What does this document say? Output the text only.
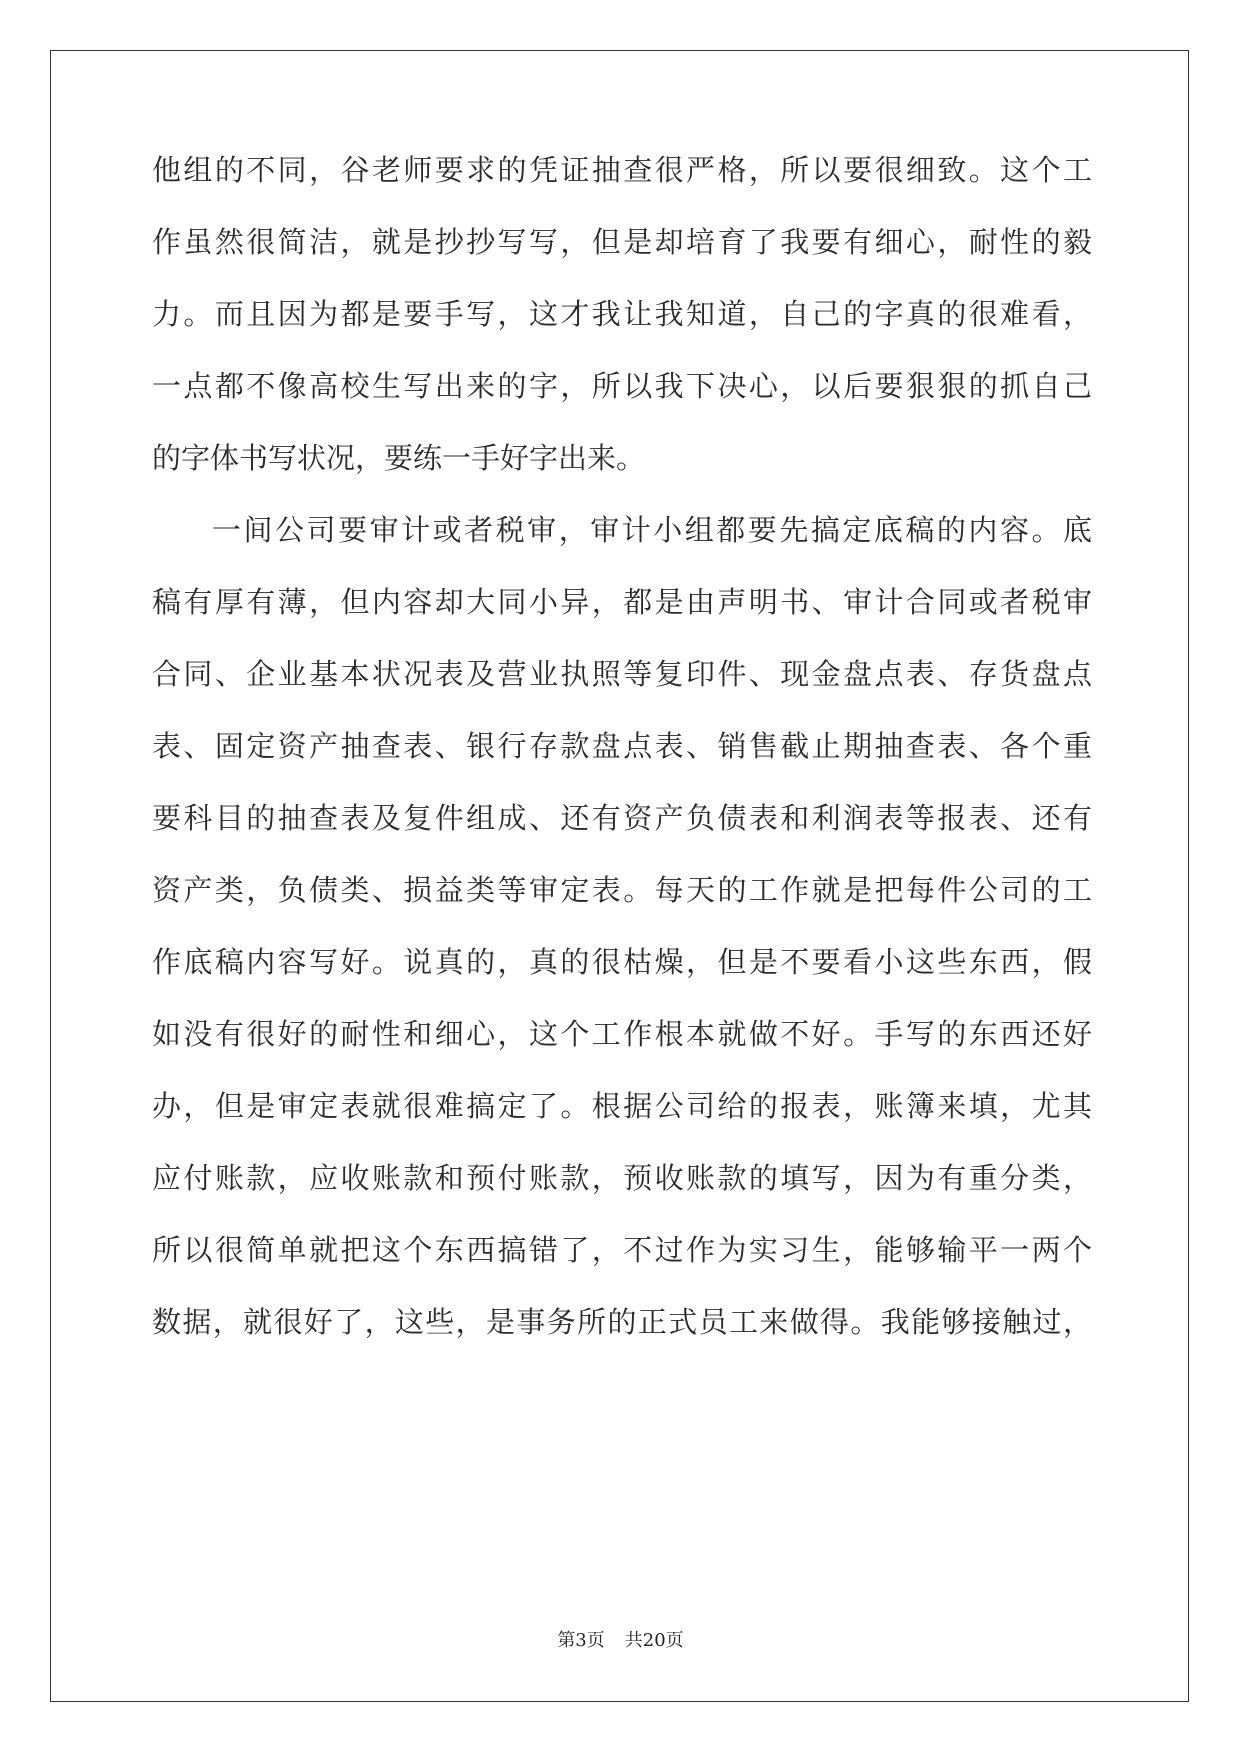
他组的不同，谷老师要求的凭证抽查很严格，所以要很细致。这个工
作虽然很简洁，就是抄抄写写，但是却培育了我要有细心，耐性的毅
力。而且因为都是要手写，这才我让我知道，自己的字真的很难看，
一点都不像高校生写出来的字，所以我下决心，以后要狠狠的抓自己
的字体书写状况，要练一手好字出来。
一间公司要审计或者税审，审计小组都要先搞定底稿的内容。底
稿有厚有薄，但内容却大同小异，都是由声明书、审计合同或者税审
合同、企业基本状况表及营业执照等复印件、现金盘点表、存货盘点
表、固定资产抽查表、银行存款盘点表、销售截止期抽查表、各个重
要科目的抽查表及复件组成、还有资产负债表和利润表等报表、还有
资产类，负债类、损益类等审定表。每天的工作就是把每件公司的工
作底稿内容写好。说真的，真的很枯燥，但是不要看小这些东西，假
如没有很好的耐性和细心，这个工作根本就做不好。手写的东西还好
办，但是审定表就很难搞定了。根据公司给的报表，账簿来填，尤其
应付账款，应收账款和预付账款，预收账款的填写，因为有重分类，
所以很简单就把这个东西搞错了，不过作为实习生，能够输平一两个
数据，就很好了，这些，是事务所的正式员工来做得。我能够接触过，
第3页 共20页
